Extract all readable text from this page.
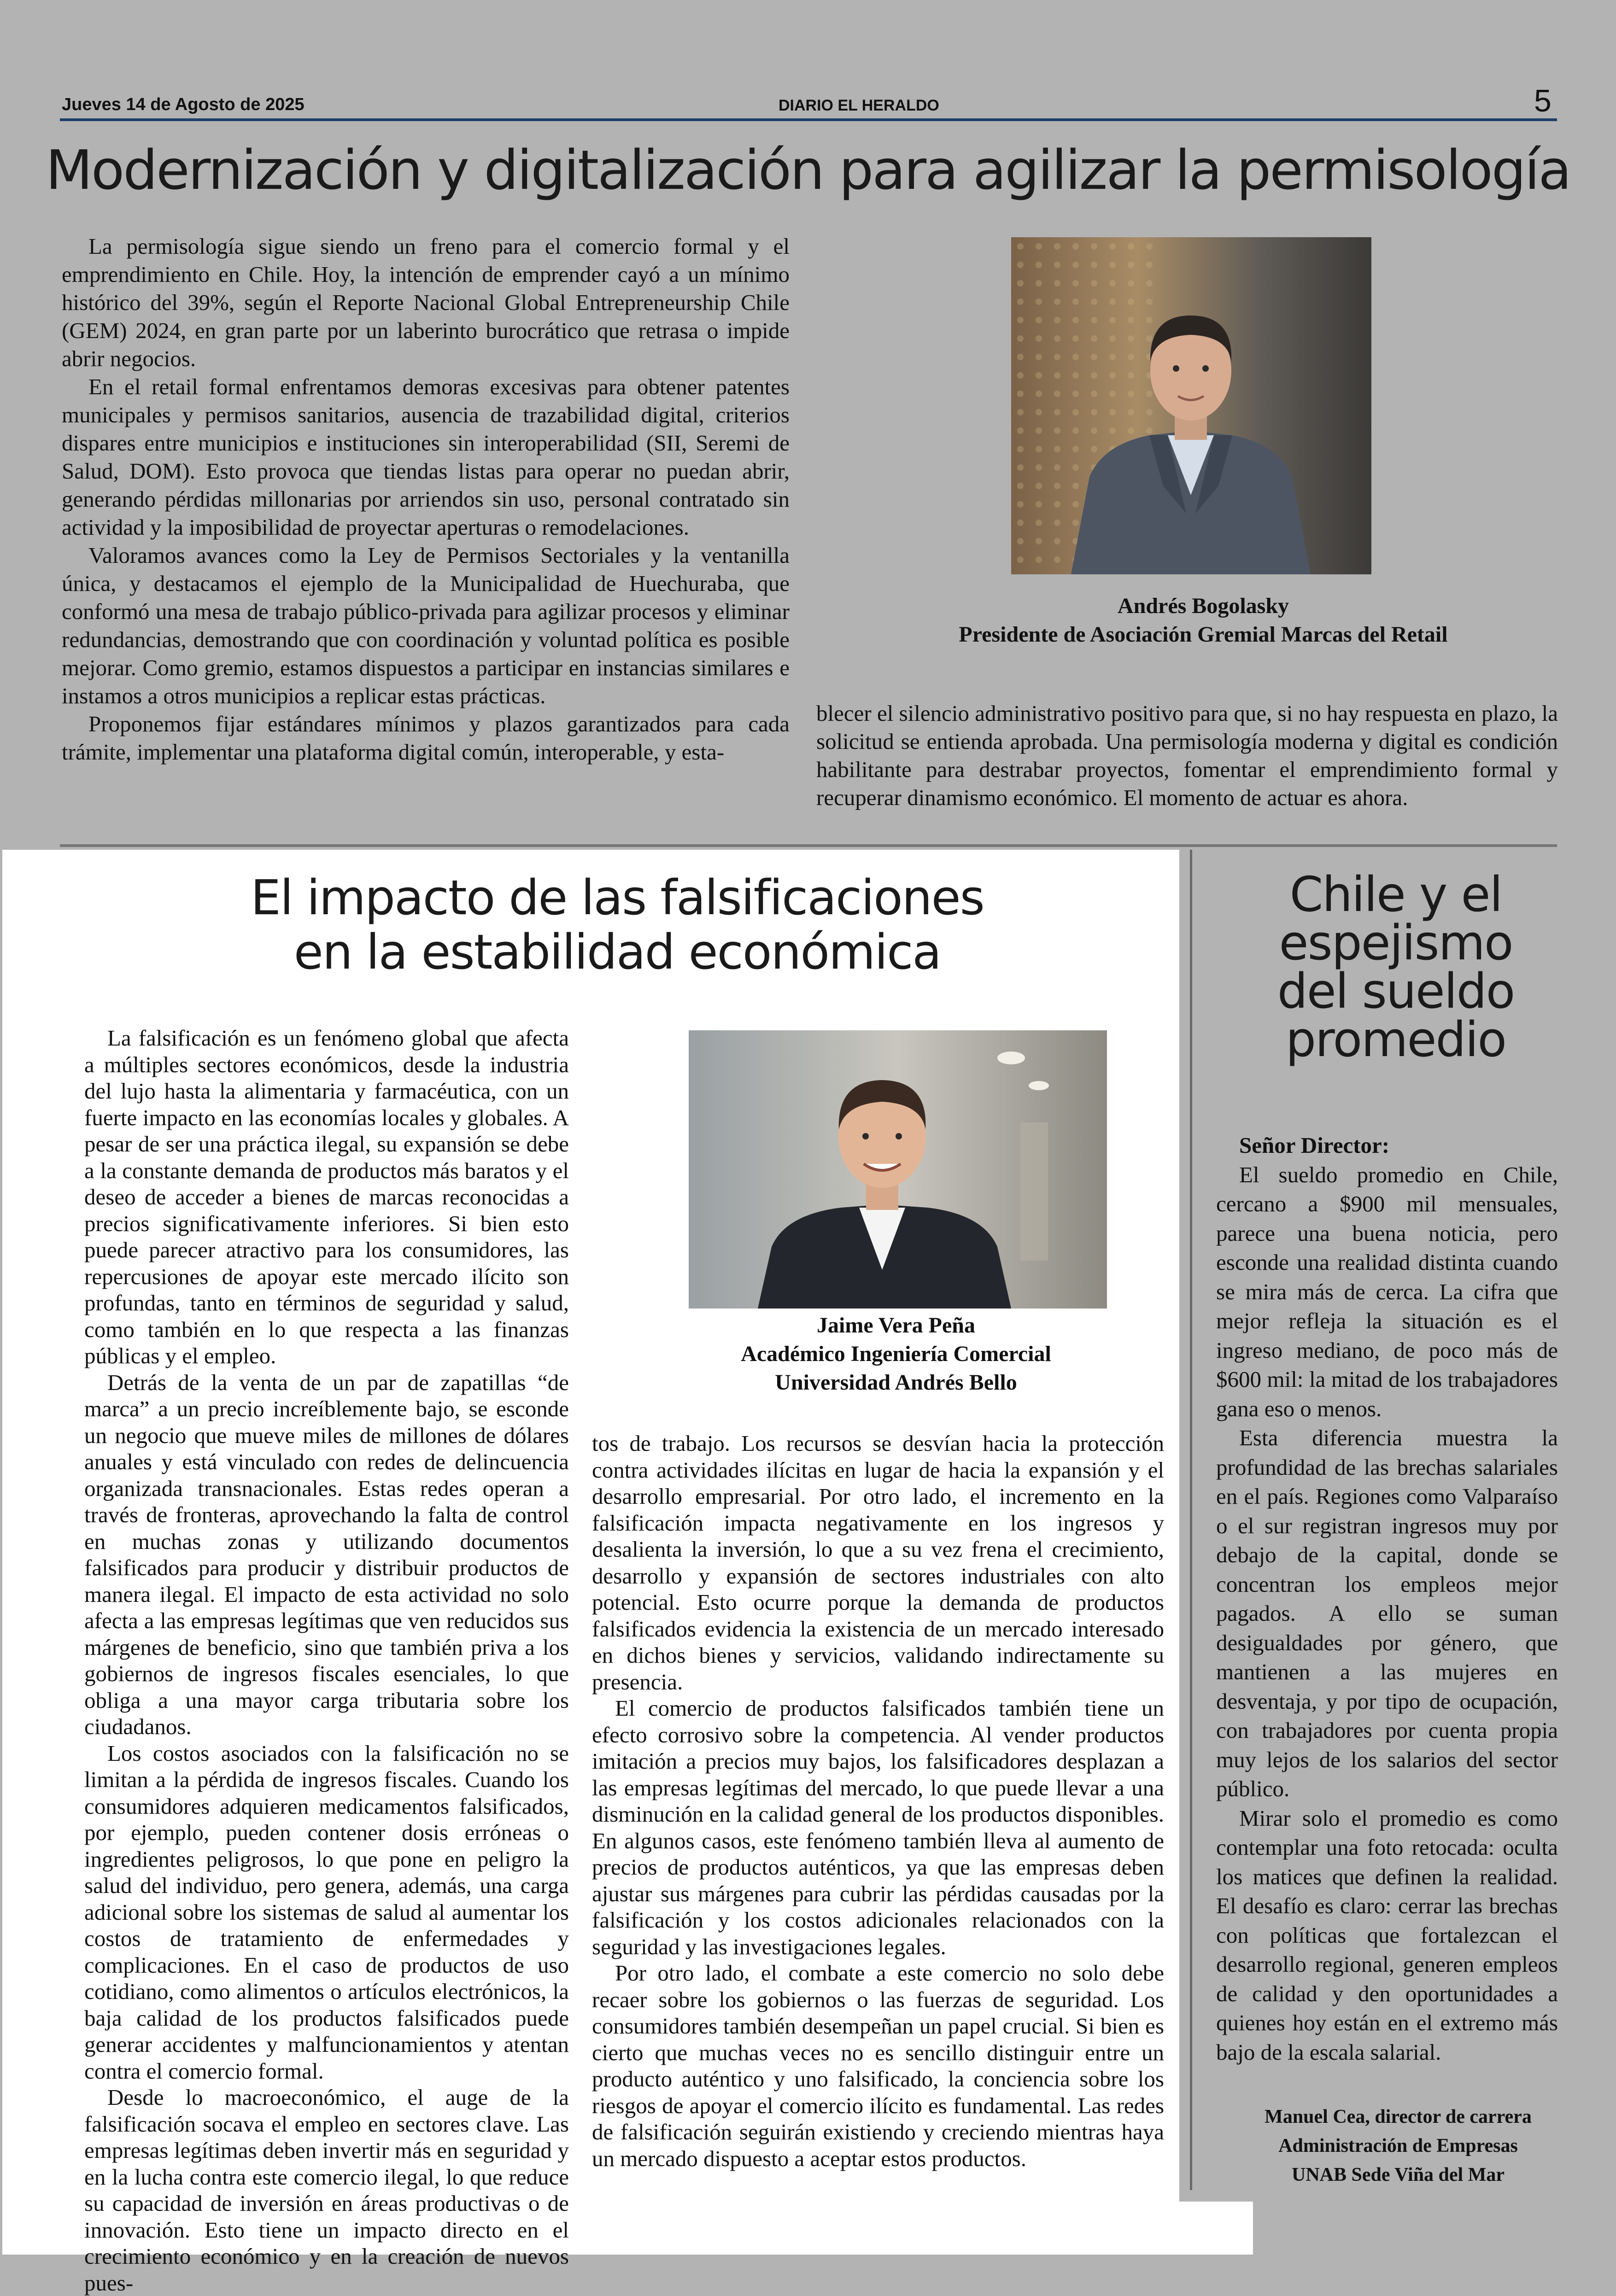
Jueves 14 de Agosto de 2025	DIARIO EL HERALDO	5
Modernización y digitalización para agilizar la permisología

La permisología sigue siendo un freno para el comercio formal y el emprendimiento en Chile. Hoy, la intención de emprender cayó a un mínimo histórico del 39%, según el Reporte Nacional Global Entrepreneurship Chile (GEM) 2024, en gran parte por un laberinto burocrático que retrasa o impide abrir negocios.

En el retail formal enfrentamos demoras excesivas para obtener patentes municipales y permisos sanitarios, ausencia de trazabilidad digital, criterios dispares entre municipios e instituciones sin interoperabilidad (SII, Seremi de Salud, DOM). Esto provoca que tiendas listas para operar no puedan abrir, generando pérdidas millonarias por arriendos sin uso, personal contratado sin actividad y la imposibilidad de proyectar aperturas o remodelaciones.

Valoramos avances como la Ley de Permisos Sectoriales y la ventanilla única, y destacamos el ejemplo de la Municipalidad de Huechuraba, que conformó una mesa de trabajo público-privada para agilizar procesos y eliminar redundancias, demostrando que con coordinación y voluntad política es posible mejorar. Como gremio, estamos dispuestos a participar en instancias similares e instamos a otros municipios a replicar estas prácticas.

Proponemos fijar estándares mínimos y plazos garantizados para cada trámite, implementar una plataforma digital común, interoperable, y esta-

Andrés Bogolasky
Presidente de Asociación Gremial Marcas del Retail

blecer el silencio administrativo positivo para que, si no hay respuesta en plazo, la solicitud se entienda aprobada. Una permisología moderna y digital es condición habilitante para destrabar proyectos, fomentar el emprendimiento formal y recuperar dinamismo económico. El momento de actuar es ahora.

El impacto de las falsificaciones
en la estabilidad económica

La falsificación es un fenómeno global que afecta a múltiples sectores económicos, desde la industria del lujo hasta la alimentaria y farmacéutica, con un fuerte impacto en las economías locales y globales. A pesar de ser una práctica ilegal, su expansión se debe a la constante demanda de productos más baratos y el deseo de acceder a bienes de marcas reconocidas a precios significativamente inferiores. Si bien esto puede parecer atractivo para los consumidores, las repercusiones de apoyar este mercado ilícito son profundas, tanto en términos de seguridad y salud, como también en lo que respecta a las finanzas públicas y el empleo.

Detrás de la venta de un par de zapatillas “de marca” a un precio increíblemente bajo, se esconde un negocio que mueve miles de millones de dólares anuales y está vinculado con redes de delincuencia organizada transnacionales. Estas redes operan a través de fronteras, aprovechando la falta de control en muchas zonas y utilizando documentos falsificados para producir y distribuir productos de manera ilegal. El impacto de esta actividad no solo afecta a las empresas legítimas que ven reducidos sus márgenes de beneficio, sino que también priva a los gobiernos de ingresos fiscales esenciales, lo que obliga a una mayor carga tributaria sobre los ciudadanos.

Los costos asociados con la falsificación no se limitan a la pérdida de ingresos fiscales. Cuando los consumidores adquieren medicamentos falsificados, por ejemplo, pueden contener dosis erróneas o ingredientes peligrosos, lo que pone en peligro la salud del individuo, pero genera, además, una carga adicional sobre los sistemas de salud al aumentar los costos de tratamiento de enfermedades y complicaciones. En el caso de productos de uso cotidiano, como alimentos o artículos electrónicos, la baja calidad de los productos falsificados puede generar accidentes y malfuncionamientos y atentan contra el comercio formal.

Desde lo macroeconómico, el auge de la falsificación socava el empleo en sectores clave. Las empresas legítimas deben invertir más en seguridad y en la lucha contra este comercio ilegal, lo que reduce su capacidad de inversión en áreas productivas o de innovación. Esto tiene un impacto directo en el crecimiento económico y en la creación de nuevos pues-

Jaime Vera Peña
Académico Ingeniería Comercial
Universidad Andrés Bello

tos de trabajo. Los recursos se desvían hacia la protección contra actividades ilícitas en lugar de hacia la expansión y el desarrollo empresarial. Por otro lado, el incremento en la falsificación impacta negativamente en los ingresos y desalienta la inversión, lo que a su vez frena el crecimiento, desarrollo y expansión de sectores industriales con alto potencial. Esto ocurre porque la demanda de productos falsificados evidencia la existencia de un mercado interesado en dichos bienes y servicios, validando indirectamente su presencia.

El comercio de productos falsificados también tiene un efecto corrosivo sobre la competencia. Al vender productos imitación a precios muy bajos, los falsificadores desplazan a las empresas legítimas del mercado, lo que puede llevar a una disminución en la calidad general de los productos disponibles. En algunos casos, este fenómeno también lleva al aumento de precios de productos auténticos, ya que las empresas deben ajustar sus márgenes para cubrir las pérdidas causadas por la falsificación y los costos adicionales relacionados con la seguridad y las investigaciones legales.

Por otro lado, el combate a este comercio no solo debe recaer sobre los gobiernos o las fuerzas de seguridad. Los consumidores también desempeñan un papel crucial. Si bien es cierto que muchas veces no es sencillo distinguir entre un producto auténtico y uno falsificado, la conciencia sobre los riesgos de apoyar el comercio ilícito es fundamental. Las redes de falsificación seguirán existiendo y creciendo mientras haya un mercado dispuesto a aceptar estos productos.

Chile y el
espejismo
del sueldo
promedio

Señor Director:

El sueldo promedio en Chile, cercano a $900 mil mensuales, parece una buena noticia, pero esconde una realidad distinta cuando se mira más de cerca. La cifra que mejor refleja la situación es el ingreso mediano, de poco más de $600 mil: la mitad de los trabajadores gana eso o menos.

Esta diferencia muestra la profundidad de las brechas salariales en el país. Regiones como Valparaíso o el sur registran ingresos muy por debajo de la capital, donde se concentran los empleos mejor pagados. A ello se suman desigualdades por género, que mantienen a las mujeres en desventaja, y por tipo de ocupación, con trabajadores por cuenta propia muy lejos de los salarios del sector público.

Mirar solo el promedio es como contemplar una foto retocada: oculta los matices que definen la realidad. El desafío es claro: cerrar las brechas con políticas que fortalezcan el desarrollo regional, generen empleos de calidad y den oportunidades a quienes hoy están en el extremo más bajo de la escala salarial.

Manuel Cea, director de carrera
Administración de Empresas
UNAB Sede Viña del Mar
